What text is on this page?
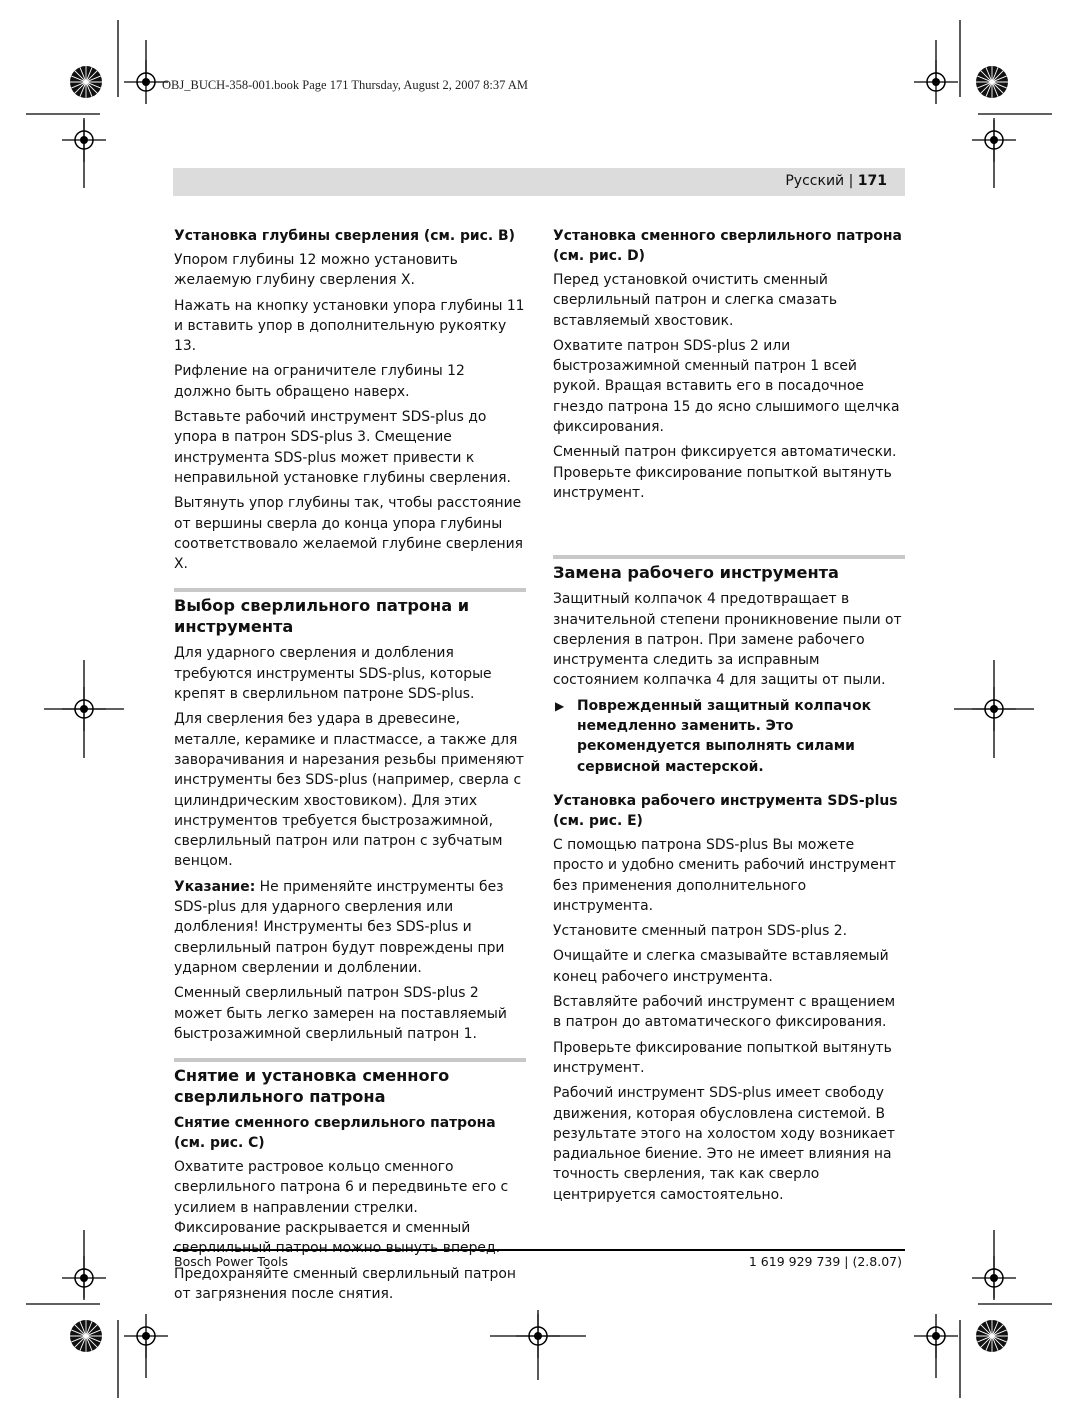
OBJ_BUCH-358-001.book Page 171 Thursday, August 2, 2007 8:37 AM
Русский | 171
Установка глубины сверления (см. рис. B)

Упором глубины 12 можно установить желаемую глубину сверления X.

Нажать на кнопку установки упора глубины 11 и вставить упор в дополнительную рукоятку 13.

Рифление на ограничителе глубины 12 должно быть обращено наверх.

Вставьте рабочий инструмент SDS-plus до упора в патрон SDS-plus 3. Смещение инструмента SDS-plus может привести к неправильной установке глубины сверления.

Вытянуть упор глубины так, чтобы расстояние от вершины сверла до конца упора глубины соответствовало желаемой глубине сверления X.

Выбор сверлильного патрона и инструмента

Для ударного сверления и долбления требуются инструменты SDS-plus, которые крепят в сверлильном патроне SDS-plus.

Для сверления без удара в древесине, металле, керамике и пластмассе, а также для заворачивания и нарезания резьбы применяют инструменты без SDS-plus (например, сверла с цилиндрическим хвостовиком). Для этих инструментов требуется быстрозажимной, сверлильный патрон или патрон с зубчатым венцом.

Указание: Не применяйте инструменты без SDS-plus для ударного сверления или долбления! Инструменты без SDS-plus и сверлильный патрон будут повреждены при ударном сверлении и долблении.

Сменный сверлильный патрон SDS-plus 2 может быть легко замерен на поставляемый быстрозажимной сверлильный патрон 1.

Снятие и установка сменного сверлильного патрона
Снятие сменного сверлильного патрона (см. рис. C)

Охватите растровое кольцо сменного сверлильного патрона 6 и передвиньте его с усилием в направлении стрелки. Фиксирование раскрывается и сменный

Предохраняйте сменный сверлильный патрон от загрязнения после снятия.

Установка сменного сверлильного патрона (см. рис. D)

Перед установкой очистить сменный сверлильный патрон и слегка смазать вставляемый хвостовик.

Охватите патрон SDS-plus 2 или быстрозажимной сменный патрон 1 всей рукой. Вращая вставить его в посадочное гнездо патрона 15 до ясно слышимого щелчка фиксирования.

Сменный патрон фиксируется автоматически. Проверьте фиксирование попыткой вытянуть инструмент.

Замена рабочего инструмента

Защитный колпачок 4 предотвращает в значительной степени проникновение пыли от сверления в патрон. При замене рабочего инструмента следить за исправным состоянием колпачка 4 для защиты от пыли.

▶ Поврежденный защитный колпачок немедленно заменить. Это рекомендуется выполнять силами сервисной мастерской.
Установка рабочего инструмента SDS-plus (см. рис. E)

С помощью патрона SDS-plus Вы можете просто и удобно сменить рабочий инструмент без применения дополнительного инструмента.

Установите сменный патрон SDS-plus 2.

Очищайте и слегка смазывайте вставляемый конец рабочего инструмента.

Вставляйте рабочий инструмент с вращением в патрон до автоматического фиксирования.

Проверьте фиксирование попыткой вытянуть инструмент.

Рабочий инструмент SDS-plus имеет свободу движения, которая обусловлена системой. В результате этого на холостом ходу возникает радиальное биение. Это не имеет влияния на точность сверления, так как сверло центрируется самостоятельно.

Bosch Power Tools	1 619 929 739 | (2.8.07)
